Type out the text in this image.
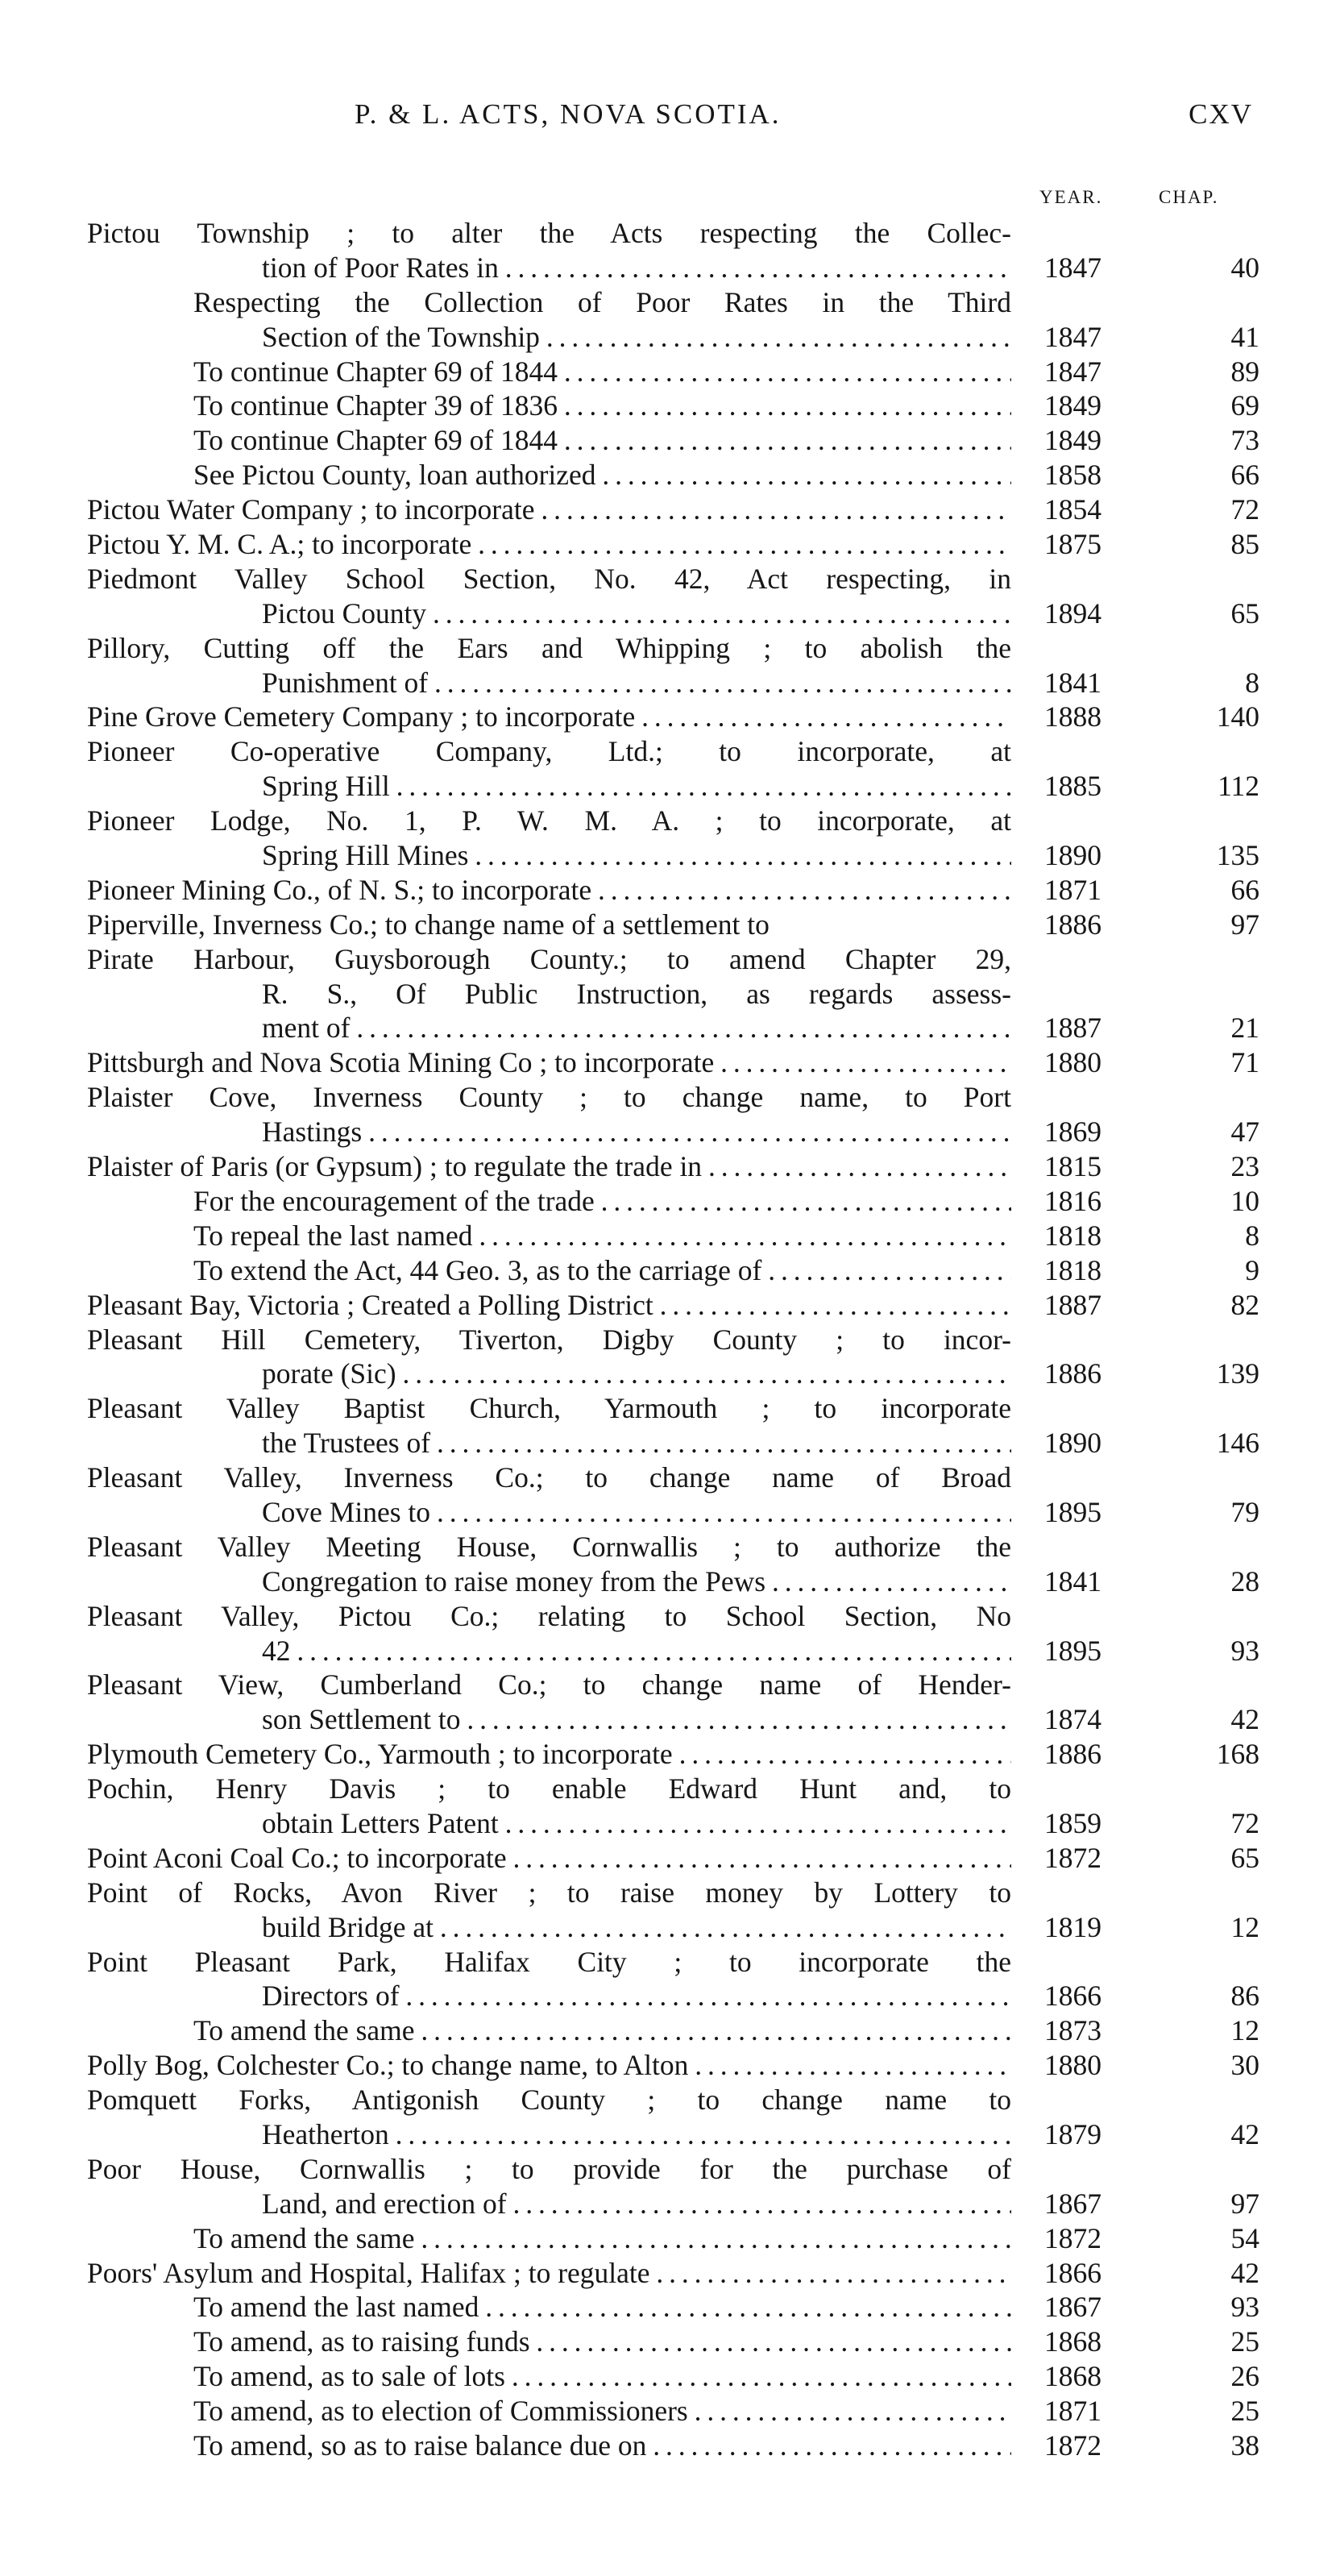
P. & L. ACTS, NOVA SCOTIA.	CXV
YEAR.	CHAP.
Pictou Township ; to alter the Acts respecting the Collec-
tion of Poor Rates in . . .	1847	40
Respecting the Collection of Poor Rates in the Third
Section of the Township . . .	1847	41
To continue Chapter 69 of 1844 . . .	1847	89
To continue Chapter 39 of 1836 . . .	1849	69
To continue Chapter 69 of 1844 . . .	1849	73
See Pictou County, loan authorized . . .	1858	66
Pictou Water Company ; to incorporate . . .	1854	72
Pictou Y. M. C. A.; to incorporate . . .	1875	85
Piedmont Valley School Section, No. 42, Act respecting, in
Pictou County . . .	1894	65
Pillory, Cutting off the Ears and Whipping ; to abolish the
Punishment of . . .	1841	8
Pine Grove Cemetery Company ; to incorporate . . .	1888	140
Pioneer Co-operative Company, Ltd.; to incorporate, at
Spring Hill . . .	1885	112
Pioneer Lodge, No. 1, P. W. M. A. ; to incorporate, at
Spring Hill Mines . . .	1890	135
Pioneer Mining Co., of N. S.; to incorporate . . .	1871	66
Piperville, Inverness Co.; to change name of a settlement to	1886	97
Pirate Harbour, Guysborough County.; to amend Chapter 29,
R. S., Of Public Instruction, as regards assess-
ment of . . .	1887	21
Pittsburgh and Nova Scotia Mining Co ; to incorporate . . .	1880	71
Plaister Cove, Inverness County ; to change name, to Port
Hastings . . .	1869	47
Plaister of Paris (or Gypsum) ; to regulate the trade in . . .	1815	23
For the encouragement of the trade . . .	1816	10
To repeal the last named . . .	1818	8
To extend the Act, 44 Geo. 3, as to the carriage of . . .	1818	9
Pleasant Bay, Victoria ; Created a Polling District . . .	1887	82
Pleasant Hill Cemetery, Tiverton, Digby County ; to incor-
porate (Sic) . . .	1886	139
Pleasant Valley Baptist Church, Yarmouth ; to incorporate
the Trustees of . . .	1890	146
Pleasant Valley, Inverness Co.; to change name of Broad
Cove Mines to . . .	1895	79
Pleasant Valley Meeting House, Cornwallis ; to authorize the
Congregation to raise money from the Pews . . .	1841	28
Pleasant Valley, Pictou Co.; relating to School Section, No
42 . . .	1895	93
Pleasant View, Cumberland Co.; to change name of Hender-
son Settlement to . . .	1874	42
Plymouth Cemetery Co., Yarmouth ; to incorporate . . .	1886	168
Pochin, Henry Davis ; to enable Edward Hunt and, to
obtain Letters Patent . . .	1859	72
Point Aconi Coal Co.; to incorporate . . .	1872	65
Point of Rocks, Avon River ; to raise money by Lottery to
build Bridge at . . .	1819	12
Point Pleasant Park, Halifax City ; to incorporate the
Directors of . . .	1866	86
To amend the same . . .	1873	12
Polly Bog, Colchester Co.; to change name, to Alton . . .	1880	30
Pomquett Forks, Antigonish County ; to change name to
Heatherton . . .	1879	42
Poor House, Cornwallis ; to provide for the purchase of
Land, and erection of . . .	1867	97
To amend the same . . .	1872	54
Poors' Asylum and Hospital, Halifax ; to regulate . . .	1866	42
To amend the last named . . .	1867	93
To amend, as to raising funds . . .	1868	25
To amend, as to sale of lots . . .	1868	26
To amend, as to election of Commissioners . . .	1871	25
To amend, so as to raise balance due on . . .	1872	38
